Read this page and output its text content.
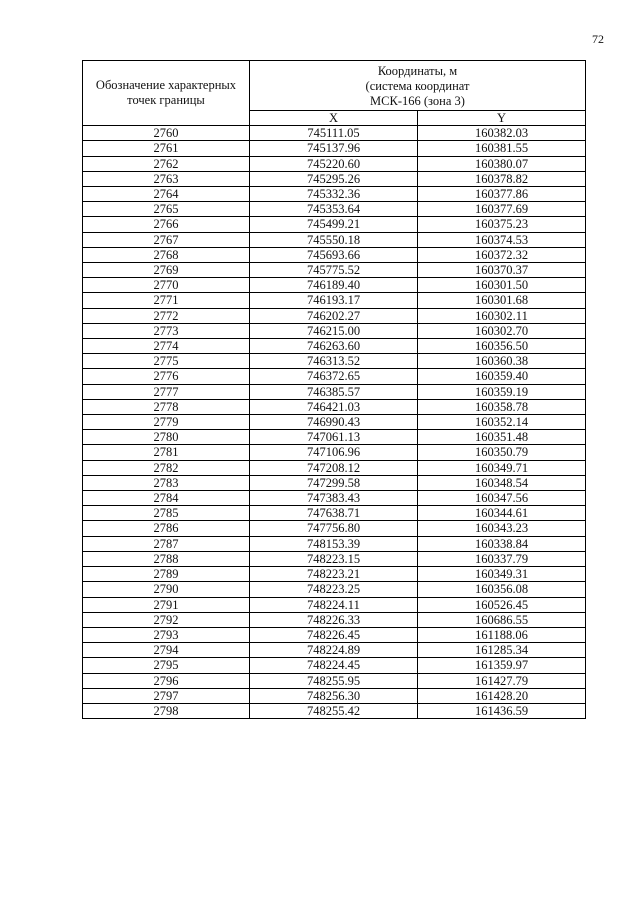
72
Обозначение характерных точек границы	Координаты, м
(система координат
МСК-166 (зона 3)	

	X	Y
2760	745111.05	160382.03
2761	745137.96	160381.55
2762	745220.60	160380.07
2763	745295.26	160378.82
2764	745332.36	160377.86
2765	745353.64	160377.69
2766	745499.21	160375.23
2767	745550.18	160374.53
2768	745693.66	160372.32
2769	745775.52	160370.37
2770	746189.40	160301.50
2771	746193.17	160301.68
2772	746202.27	160302.11
2773	746215.00	160302.70
2774	746263.60	160356.50
2775	746313.52	160360.38
2776	746372.65	160359.40
2777	746385.57	160359.19
2778	746421.03	160358.78
2779	746990.43	160352.14
2780	747061.13	160351.48
2781	747106.96	160350.79
2782	747208.12	160349.71
2783	747299.58	160348.54
2784	747383.43	160347.56
2785	747638.71	160344.61
2786	747756.80	160343.23
2787	748153.39	160338.84
2788	748223.15	160337.79
2789	748223.21	160349.31
2790	748223.25	160356.08
2791	748224.11	160526.45
2792	748226.33	160686.55
2793	748226.45	161188.06
2794	748224.89	161285.34
2795	748224.45	161359.97
2796	748255.95	161427.79
2797	748256.30	161428.20
2798	748255.42	161436.59
